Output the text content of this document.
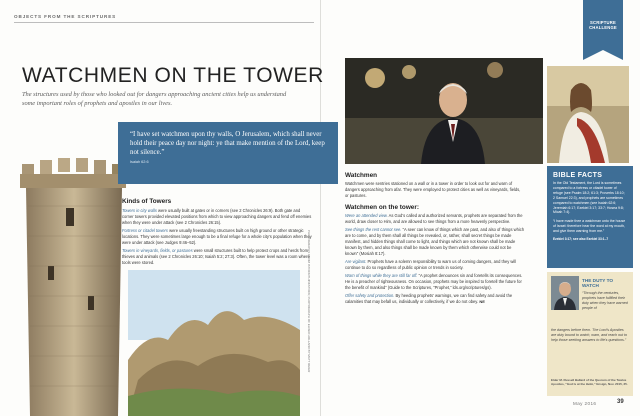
OBJECTS FROM THE SCRIPTURES
WATCHMEN ON THE TOWER
The structures used by those who looked out for dangers approaching ancient cities help us understand some important roles of prophets and apostles in our lives.
“I have set watchmen upon thy walls, O Jerusalem, which shall never hold their peace day nor night: ye that make mention of the Lord, keep not silence.”
Isaiah 62:6
Kinds of Towers

Towers in city walls were usually built at gates or in corners (see 2 Chronicles 26:9). Both gate and corner towers provided elevated positions from which to view approaching dangers and fend off enemies when they were under attack (see 2 Chronicles 26:15).

Fortress or citadel towers were usually freestanding structures built on high ground or other strategic locations. They were sometimes large enough to be a final refuge for a whole city’s population when they were under attack (see Judges 9:46–52).

Towers in vineyards, fields, or pastures were small structures built to help protect crops and herds from thieves and animals (see 2 Chronicles 26:10; Isaiah 5:2; 27:3). Often, the tower level was a room where tools were stored.	PHOTOGRAPHS FROM ISTOCK/THINKSTOCK; PHOTOGRAPH OF ELDER HOLLAND BY MATT REIER
Watchmen
Watchmen were sentries stationed on a wall or in a tower in order to look out for and warn of dangers approaching from afar. They were employed to protect cities as well as vineyards, fields, or pastures.
Watchmen on the tower:
Were an attended view. As God’s called and authorized servants, prophets are separated from the world, draw closer to Him, and are allowed to see things from a more heavenly perspective.
See things the rest cannot see. “A seer can know of things which are past, and also of things which are to come, and by them shall all things be revealed, or, rather, shall secret things be made manifest, and hidden things shall come to light, and things which are not known shall be made known by them, and also things shall be made known by them which otherwise could not be known” (Mosiah 8:17).
Are vigilant. Prophets have a solemn responsibility to warn us of coming dangers, and they will continue to do so regardless of public opinion or trends in society.
Warn of things while they are still far off. “A prophet denounces sin and foretells its consequences. He is a preacher of righteousness. On occasion, prophets may be inspired to foretell the future for the benefit of mankind” (Guide to the Scriptures, “Prophet,” lds.org/scriptures/gs).
Offer safety and protection. By heeding prophets’ warnings, we can find safety and avoid the calamities that may befall us, individually or collectively, if we do not obey. NE
SCRIPTURE CHALLENGE
BIBLE FACTS
In the Old Testament, the Lord is sometimes compared to a fortress or citadel tower of refuge (see Psalm 18:2; 61:3; Proverbs 18:10; 2 Samuel 22:3), and prophets are sometimes compared to watchmen (see Isaiah 62:6; Jeremiah 6:17; Ezekiel 3:17; 33:7; Hosea 9:8; Micah 7:4).
“I have made thee a watchman unto the house of Israel: therefore hear the word at my mouth, and give them warning from me.”
Ezekiel 3:17; see also Ezekiel 33:1–7
THE DUTY TO WATCH
“Through the centuries, prophets have fulfilled their duty when they have warned people of
the dangers before them. The Lord’s Apostles are duty bound to watch, warn, and reach out to help those seeking answers to life’s questions.”
Elder M. Russell Ballard of the Quorum of the Twelve Apostles, “God Is at the Helm,” Ensign, Nov. 2015, 25.
May 2016	39
